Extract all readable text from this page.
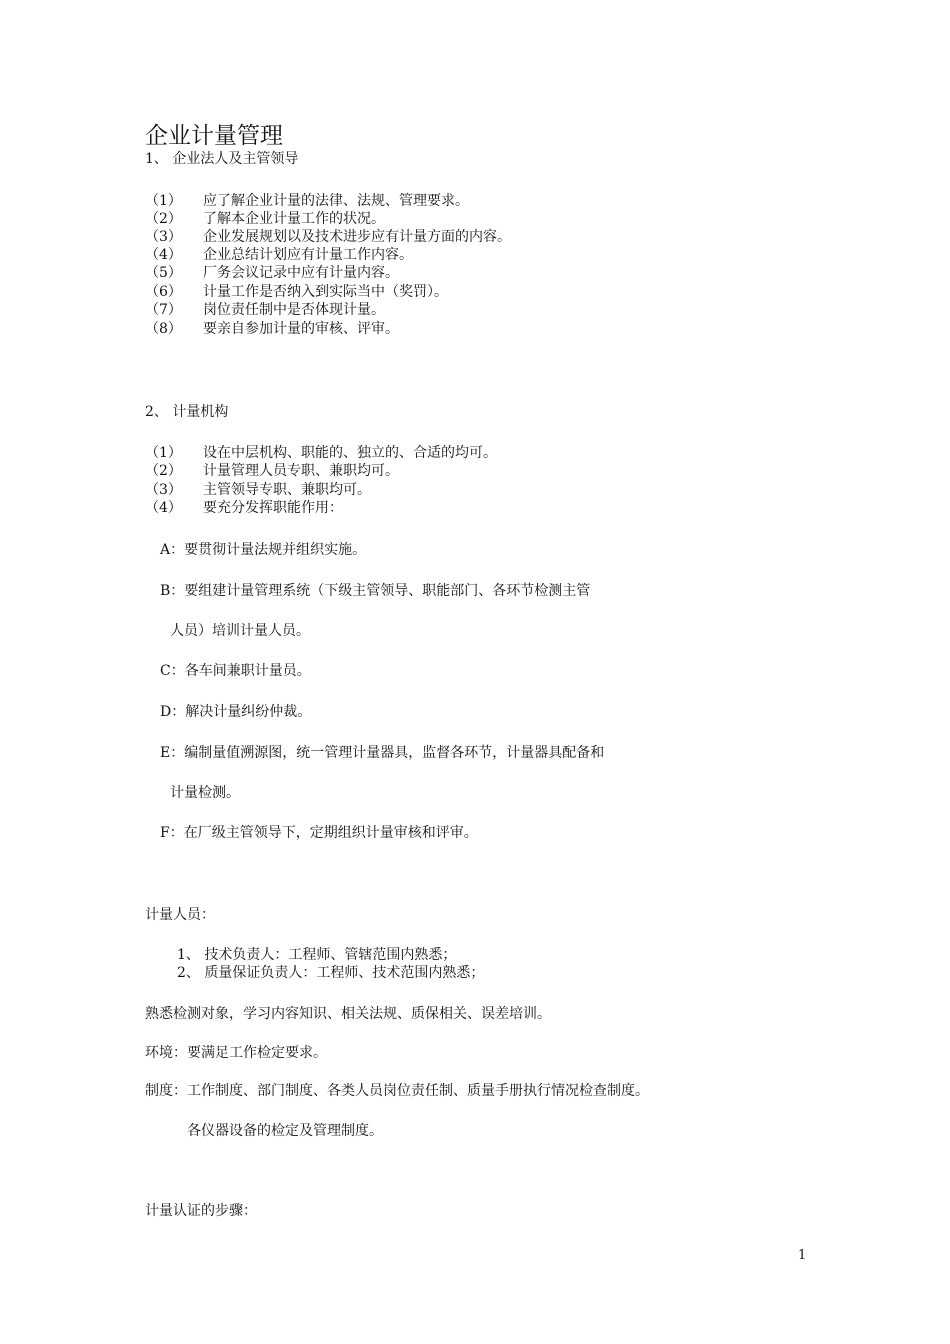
企业计量管理
1、 企业法人及主管领导
（1） 应了解企业计量的法律、法规、管理要求。
（2） 了解本企业计量工作的状况。
（3） 企业发展规划以及技术进步应有计量方面的内容。
（4） 企业总结计划应有计量工作内容。
（5） 厂务会议记录中应有计量内容。
（6） 计量工作是否纳入到实际当中（奖罚）。
（7） 岗位责任制中是否体现计量。
（8） 要亲自参加计量的审核、评审。
2、 计量机构
（1） 设在中层机构、职能的、独立的、合适的均可。
（2） 计量管理人员专职、兼职均可。
（3） 主管领导专职、兼职均可。
（4） 要充分发挥职能作用：
A：要贯彻计量法规并组织实施。
B：要组建计量管理系统（下级主管领导、职能部门、各环节检测主管
人员）培训计量人员。
C：各车间兼职计量员。
D：解决计量纠纷仲裁。
E：编制量值溯源图，统一管理计量器具，监督各环节，计量器具配备和
计量检测。
F：在厂级主管领导下，定期组织计量审核和评审。
计量人员：
1、 技术负责人：工程师、管辖范围内熟悉；
2、 质量保证负责人：工程师、技术范围内熟悉；
熟悉检测对象，学习内容知识、相关法规、质保相关、误差培训。
环境：要满足工作检定要求。
制度：工作制度、部门制度、各类人员岗位责任制、质量手册执行情况检查制度。
各仪器设备的检定及管理制度。
计量认证的步骤：
1
